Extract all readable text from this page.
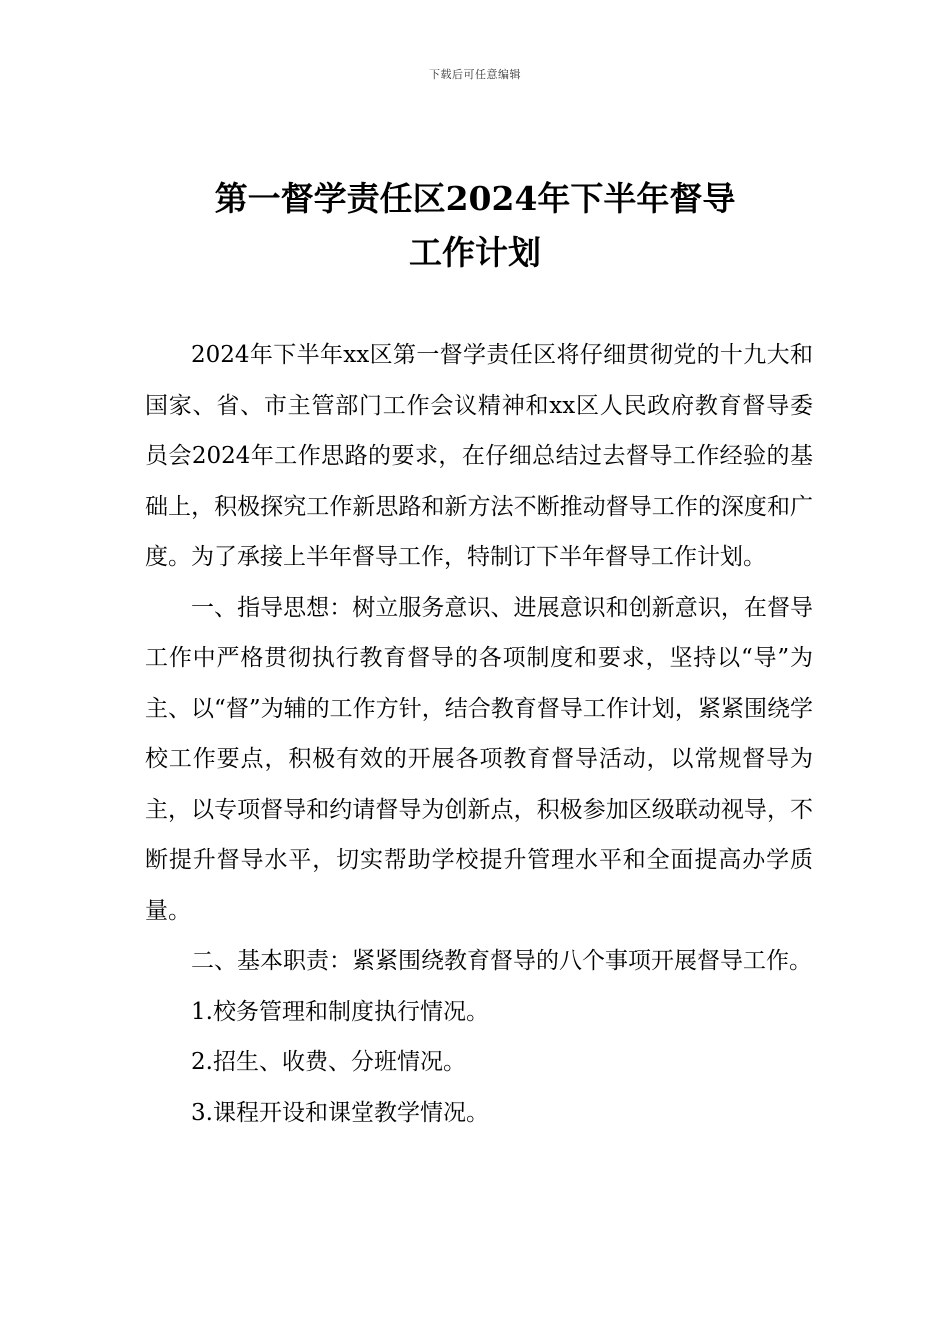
下载后可任意编辑
第一督学责任区2024年下半年督导
工作计划

2024年下半年xx区第一督学责任区将仔细贯彻党的十九大和国家、省、市主管部门工作会议精神和xx区人民政府教育督导委员会2024年工作思路的要求，在仔细总结过去督导工作经验的基础上，积极探究工作新思路和新方法不断推动督导工作的深度和广度。为了承接上半年督导工作，特制订下半年督导工作计划。

一、指导思想：树立服务意识、进展意识和创新意识，在督导工作中严格贯彻执行教育督导的各项制度和要求，坚持以“导”为主、以“督”为辅的工作方针，结合教育督导工作计划，紧紧围绕学校工作要点，积极有效的开展各项教育督导活动，以常规督导为主，以专项督导和约请督导为创新点，积极参加区级联动视导，不断提升督导水平，切实帮助学校提升管理水平和全面提高办学质量。

二、基本职责：紧紧围绕教育督导的八个事项开展督导工作。

1.校务管理和制度执行情况。

2.招生、收费、分班情况。

3.课程开设和课堂教学情况。
